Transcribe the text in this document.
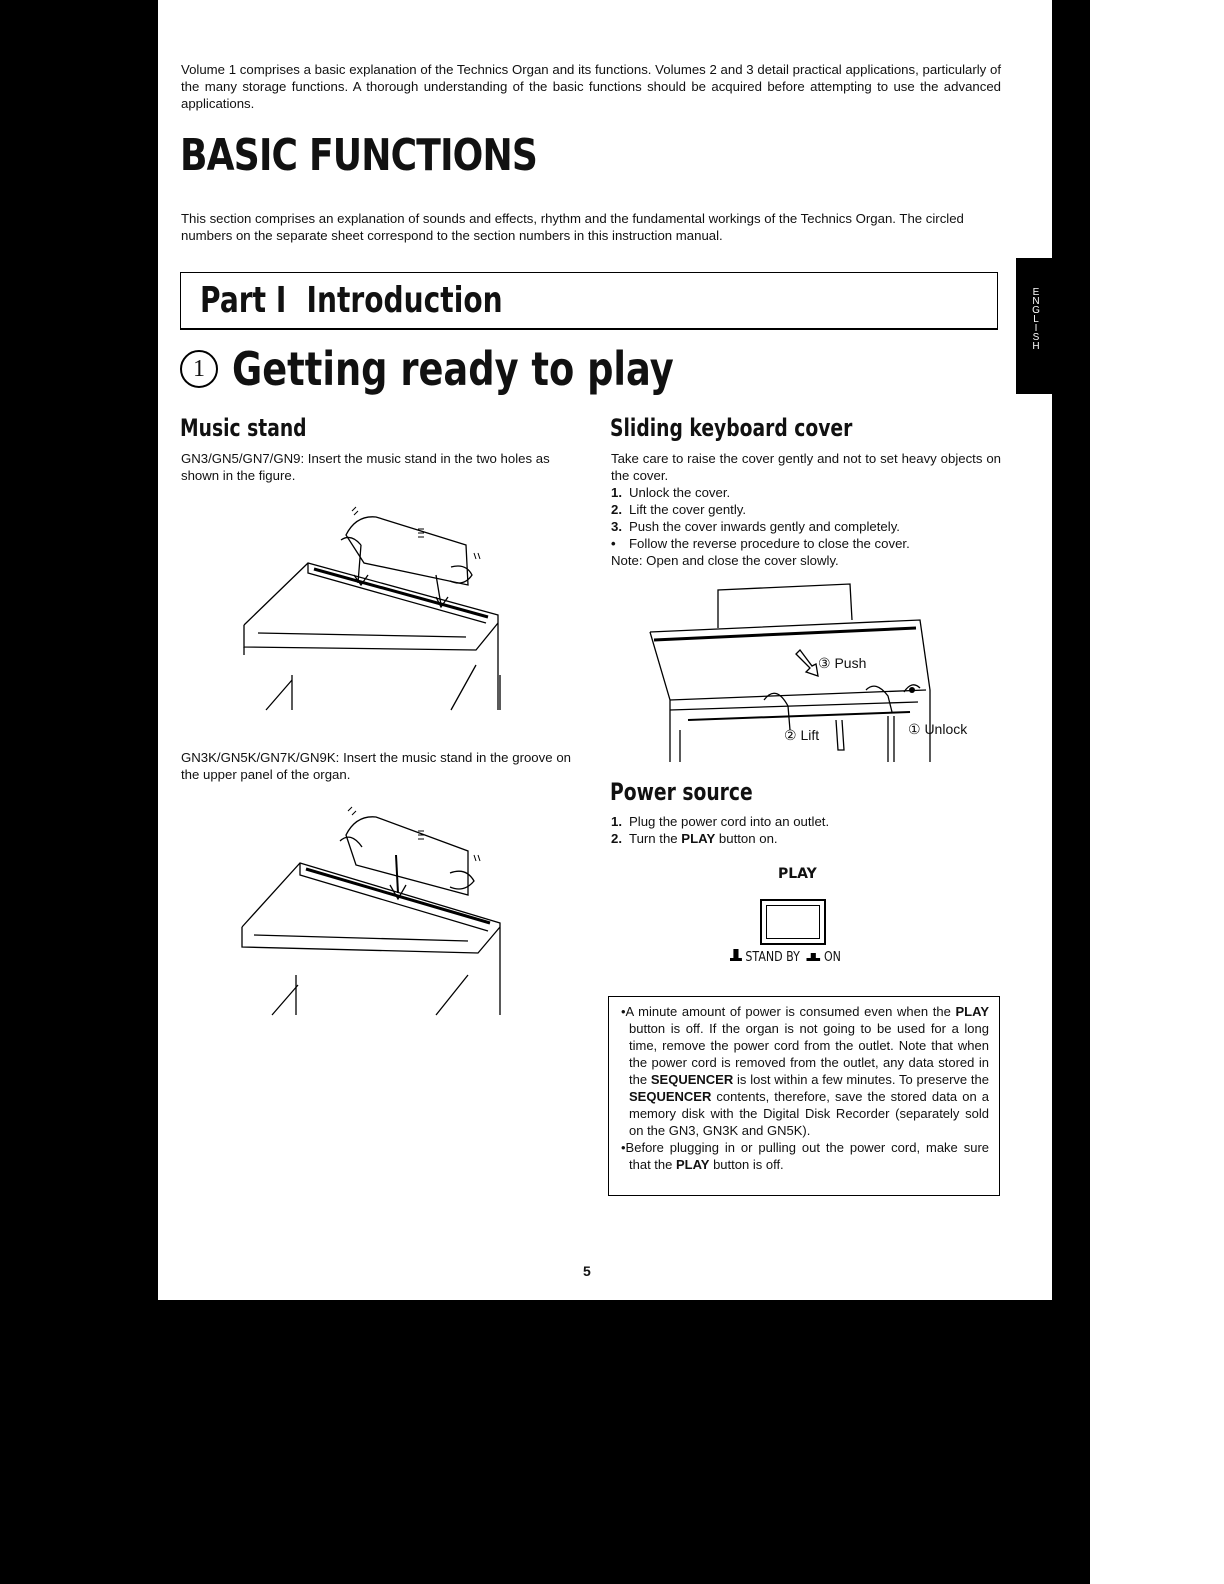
Volume 1 comprises a basic explanation of the Technics Organ and its functions. Volumes 2 and 3 detail practical applications, particularly of the many storage functions. A thorough understanding of the basic functions should be acquired before attempting to use the advanced applications.
BASIC FUNCTIONS
This section comprises an explanation of sounds and effects, rhythm and the fundamental workings of the Technics Organ. The circled numbers on the separate sheet correspond to the section numbers in this instruction manual.
Part I Introduction	E
N
G
L
I
S
H
1 Getting ready to play
Music stand
GN3/GN5/GN7/GN9: Insert the music stand in the two holes as shown in the figure.
GN3K/GN5K/GN7K/GN9K: Insert the music stand in the groove on the upper panel of the organ.
Sliding keyboard cover
Take care to raise the cover gently and not to set heavy objects on the cover.
1. Unlock the cover.
2. Lift the cover gently.
3. Push the cover inwards gently and completely.
• Follow the reverse procedure to close the cover.
Note: Open and close the cover slowly.
③ Push
② Lift	① Unlock
Power source
1. Plug the power cord into an outlet.
2. Turn the PLAY button on.
PLAY
STAND BY ON

•A minute amount of power is consumed even when the PLAY button is off. If the organ is not going to be used for a long time, remove the power cord from the outlet. Note that when the power cord is removed from the outlet, any data stored in the SEQUENCER is lost within a few minutes. To preserve the SEQUENCER contents, therefore, save the stored data on a memory disk with the Digital Disk Recorder (separately sold on the GN3, GN3K and GN5K).

•Before plugging in or pulling out the power cord, make sure that the PLAY button is off.

5
